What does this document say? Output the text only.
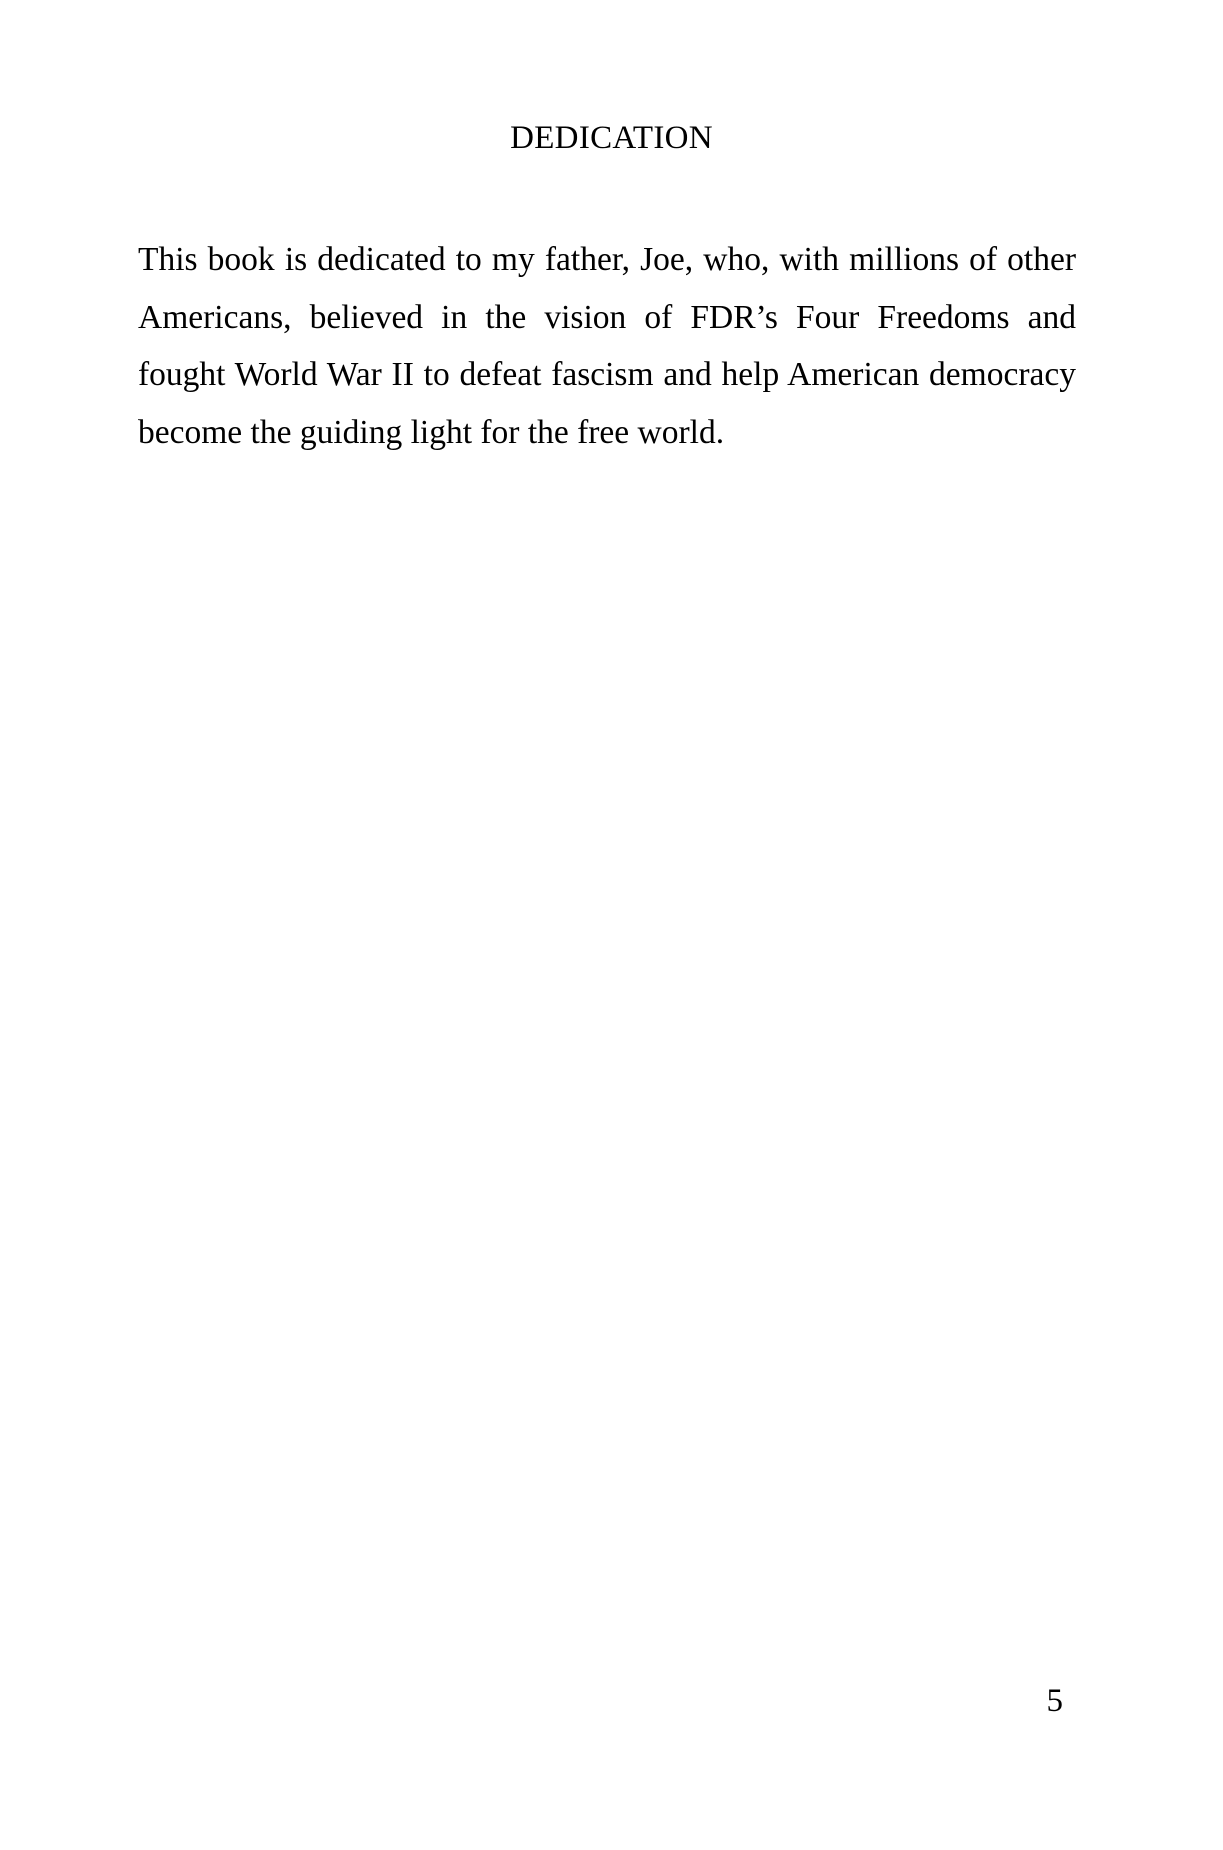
DEDICATION

This book is dedicated to my father, Joe, who, with millions of other Americans, believed in the vision of FDR’s Four Freedoms and fought World War II to defeat fascism and help American democracy become the guiding light for the free world.

5
